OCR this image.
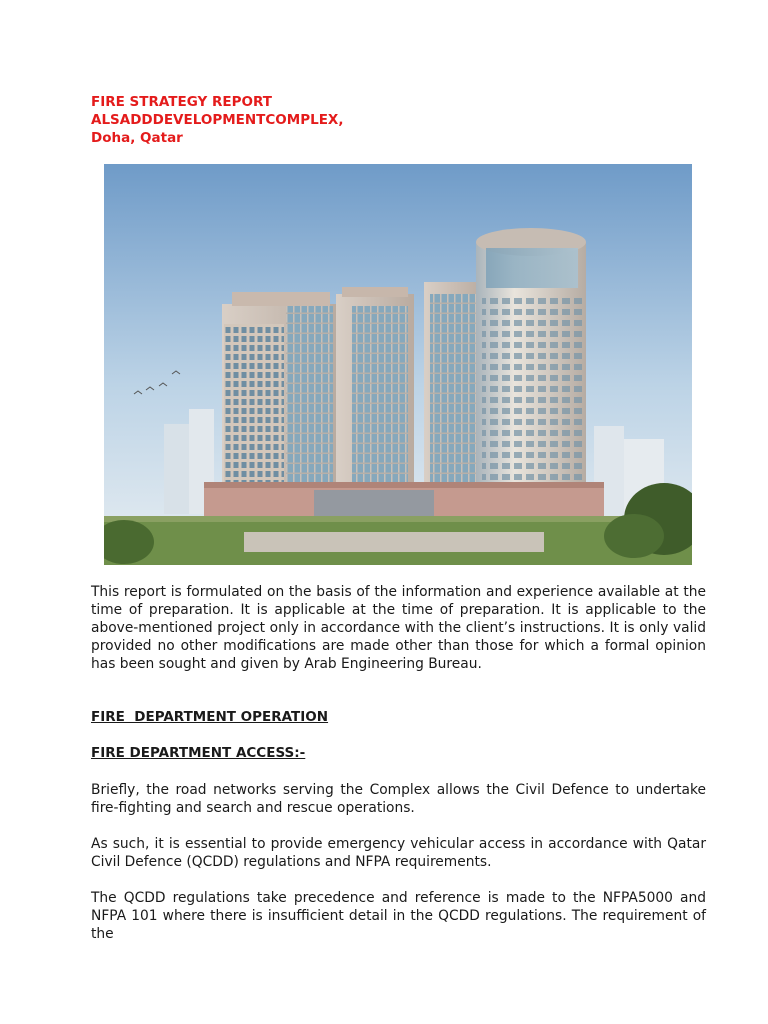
FIRE STRATEGY REPORT
ALSADDDEVELOPMENTCOMPLEX,
Doha, Qatar

This report is formulated on the basis of the information and experience available at the time of preparation. It is applicable at the time of preparation. It is applicable to the above-mentioned project only in accordance with the client’s instructions. It is only valid provided no other modifications are made other than those for which a formal opinion has been sought and given by Arab Engineering Bureau.

FIRE  DEPARTMENT OPERATION
FIRE DEPARTMENT ACCESS:-

Briefly, the road networks serving the Complex allows the Civil Defence to undertake fire-fighting and search and rescue operations.

As such, it is essential to provide emergency vehicular access in accordance with Qatar Civil Defence (QCDD) regulations and NFPA requirements.

The QCDD regulations take precedence and reference is made to the NFPA5000 and NFPA 101 where there is insufficient detail in the QCDD regulations. The requirement of the
